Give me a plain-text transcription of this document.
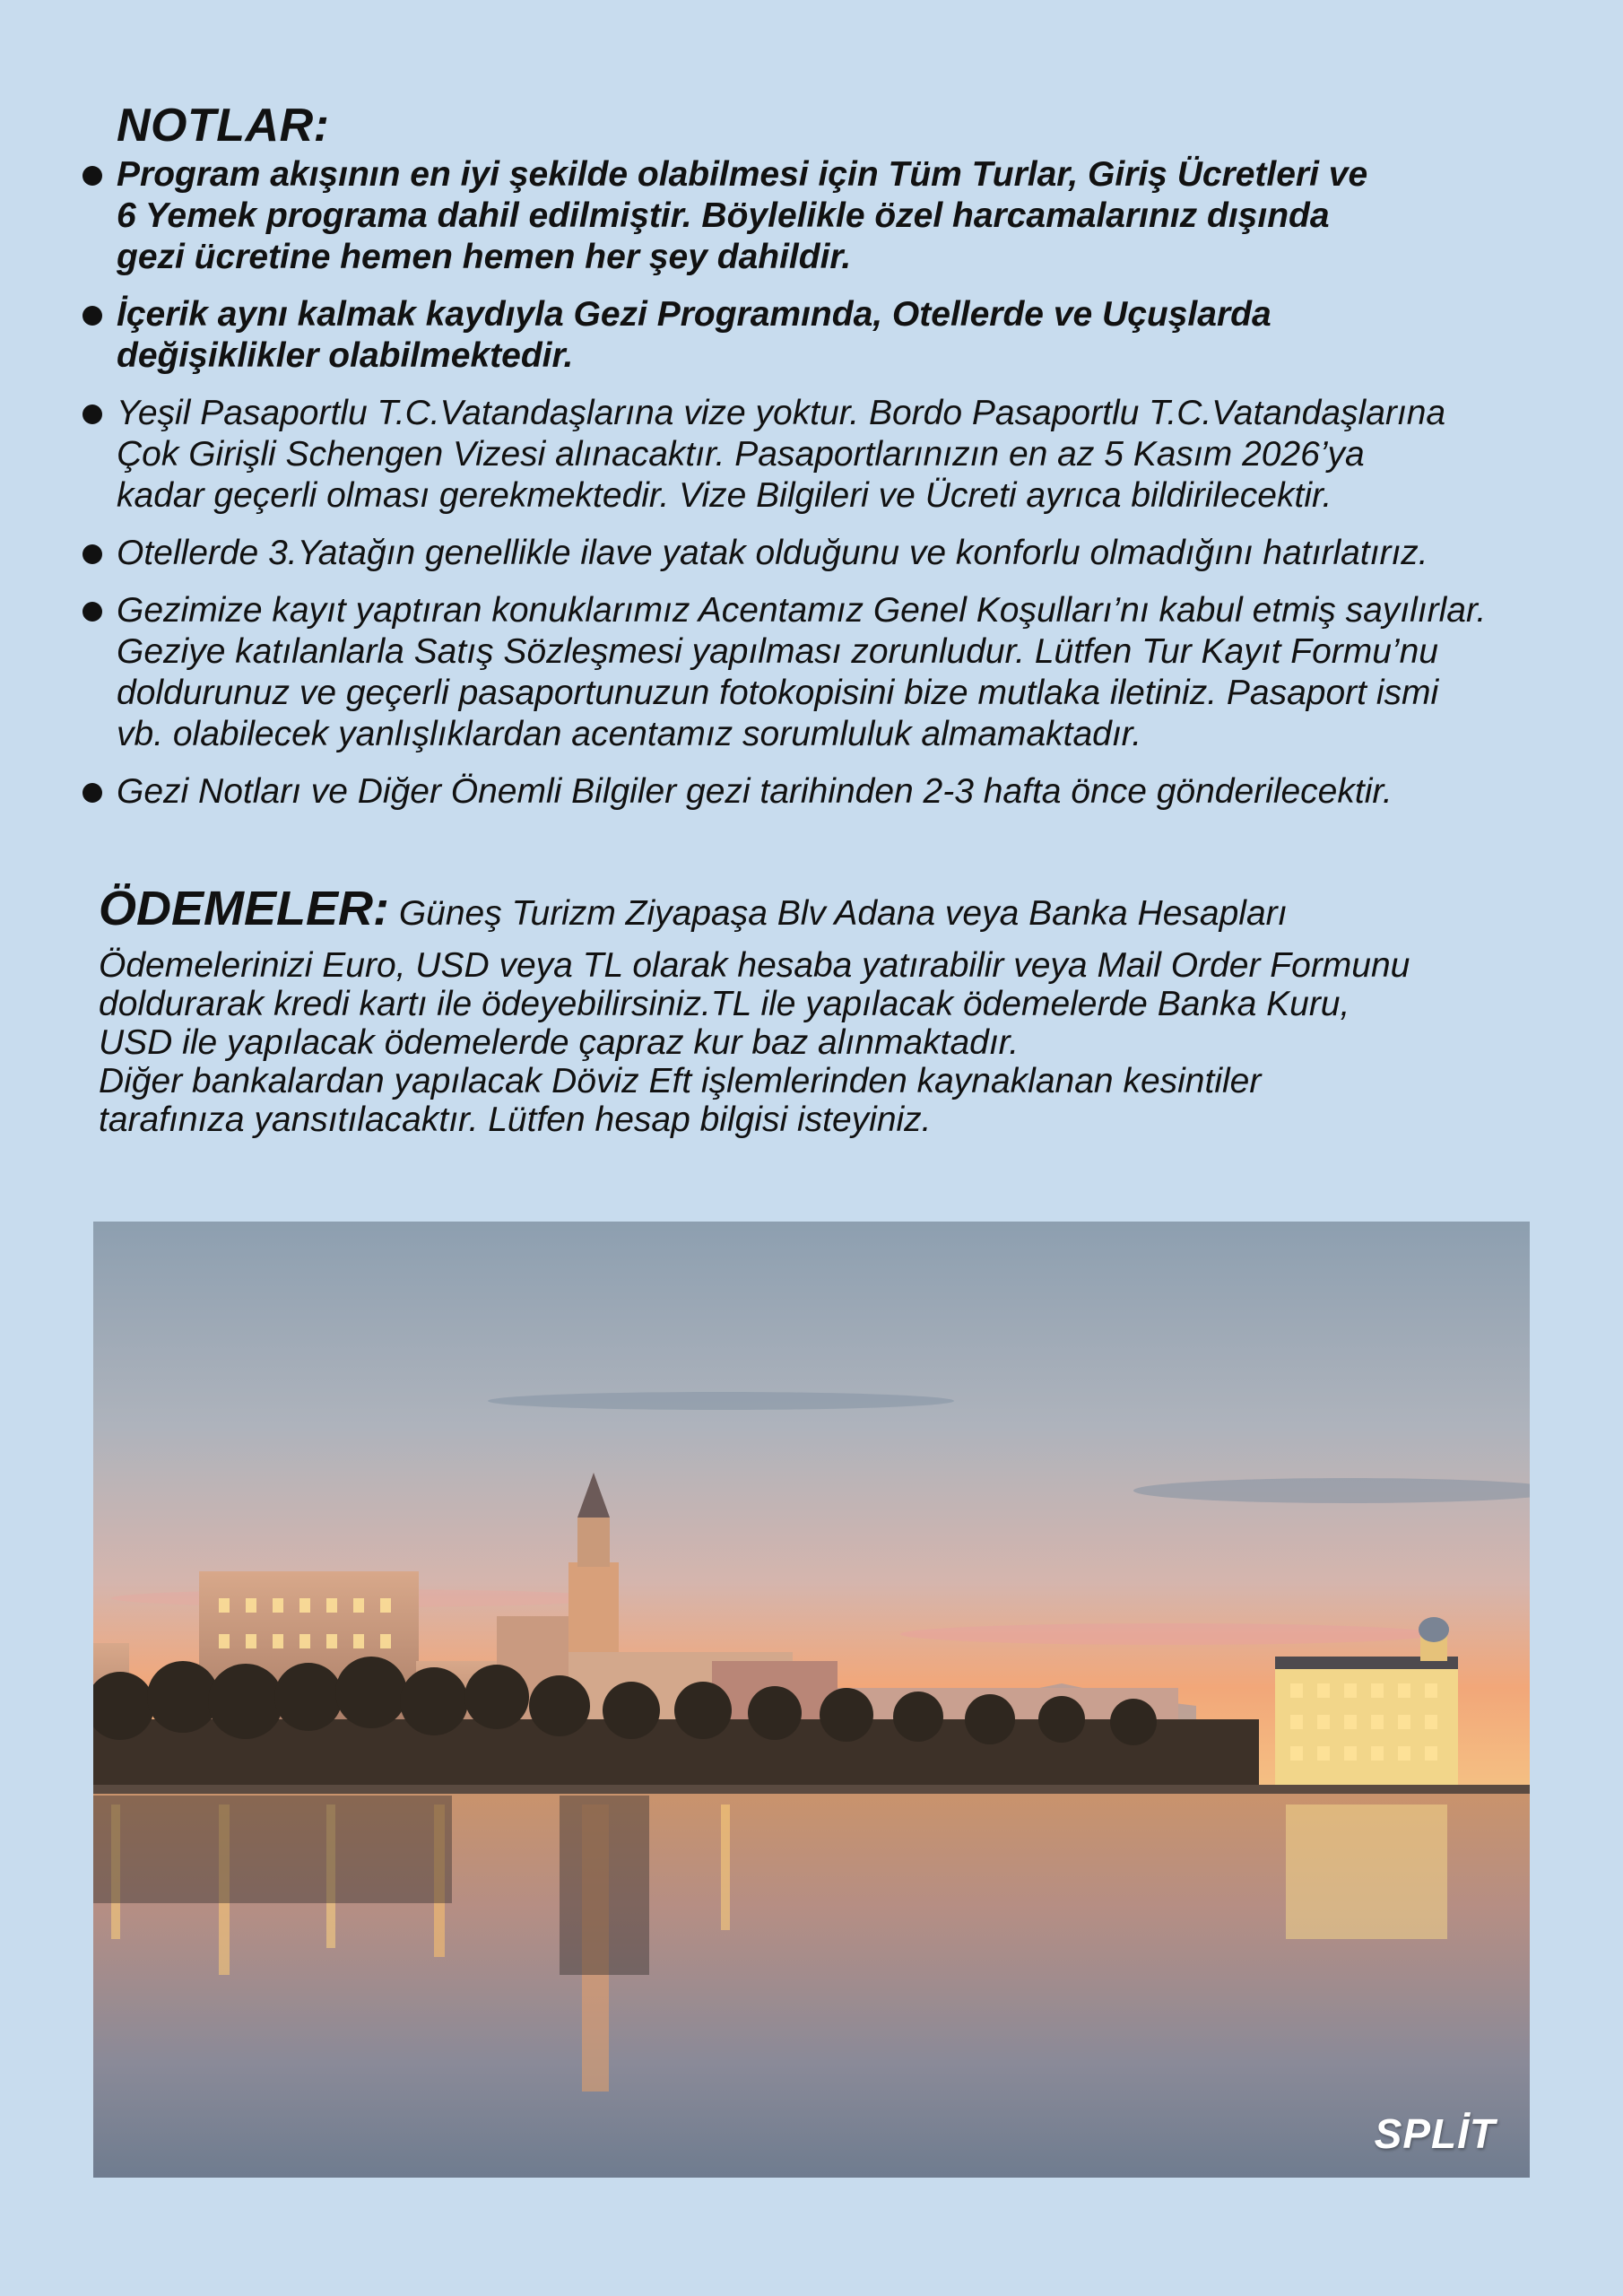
NOTLAR:
Program akışının en iyi şekilde olabilmesi için Tüm Turlar, Giriş Ücretleri ve
6 Yemek programa dahil edilmiştir. Böylelikle özel harcamalarınız dışında
gezi ücretine hemen hemen her şey dahildir.
İçerik aynı kalmak kaydıyla Gezi Programında, Otellerde ve Uçuşlarda
değişiklikler olabilmektedir.
Yeşil Pasaportlu T.C.Vatandaşlarına vize yoktur. Bordo Pasaportlu T.C.Vatandaşlarına
Çok Girişli Schengen Vizesi alınacaktır. Pasaportlarınızın en az 5 Kasım 2026’ya
kadar geçerli olması gerekmektedir. Vize Bilgileri ve Ücreti ayrıca bildirilecektir.
Otellerde 3.Yatağın genellikle ilave yatak olduğunu ve konforlu olmadığını hatırlatırız.
Gezimize kayıt yaptıran konuklarımız Acentamız Genel Koşulları’nı kabul etmiş sayılırlar.
Geziye katılanlarla Satış Sözleşmesi yapılması zorunludur. Lütfen Tur Kayıt Formu’nu
doldurunuz ve geçerli pasaportunuzun fotokopisini bize mutlaka iletiniz. Pasaport ismi
vb. olabilecek yanlışlıklardan acentamız sorumluluk almamaktadır.
Gezi Notları ve Diğer Önemli Bilgiler gezi tarihinden 2-3 hafta önce gönderilecektir.
ÖDEMELER: Güneş Turizm Ziyapaşa Blv Adana veya Banka Hesapları
Ödemelerinizi Euro, USD veya TL olarak hesaba yatırabilir veya Mail Order Formunu
doldurarak kredi kartı ile ödeyebilirsiniz.TL ile yapılacak ödemelerde Banka Kuru,
USD ile yapılacak ödemelerde çapraz kur baz alınmaktadır.
Diğer bankalardan yapılacak Döviz Eft işlemlerinden kaynaklanan kesintiler
tarafınıza yansıtılacaktır. Lütfen hesap bilgisi isteyiniz.
SPLİT
